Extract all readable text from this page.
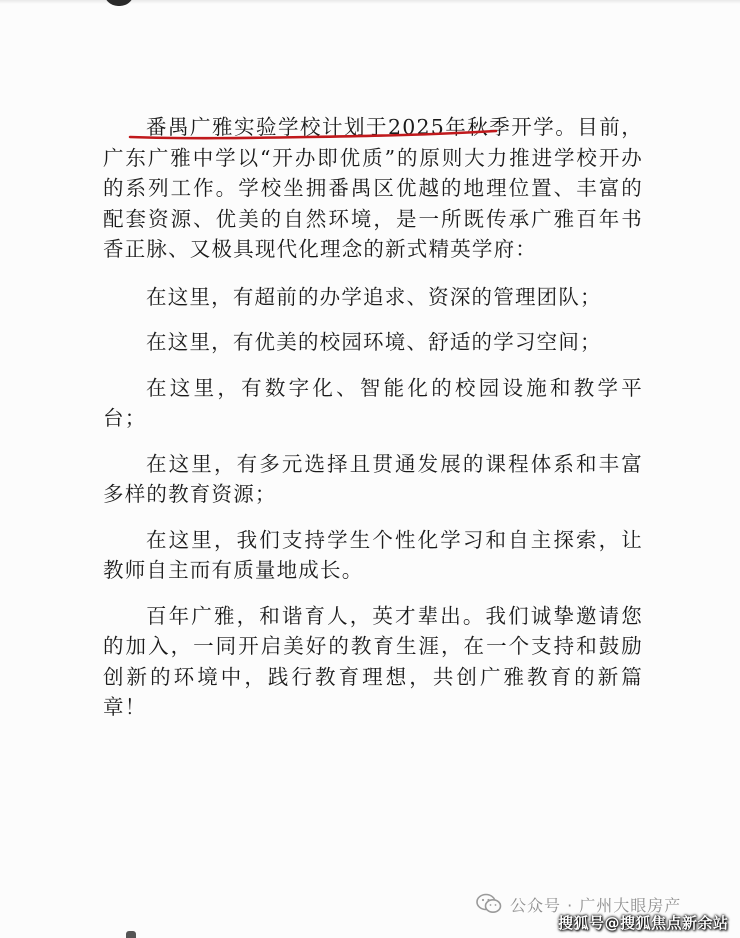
番禺广雅实验学校计划于2025年秋季开学。目前，广东广雅中学以“开办即优质”的原则大力推进学校开办的系列工作。学校坐拥番禺区优越的地理位置、丰富的配套资源、优美的自然环境，是一所既传承广雅百年书香正脉、又极具现代化理念的新式精英学府：

在这里，有超前的办学追求、资深的管理团队；

在这里，有优美的校园环境、舒适的学习空间；

在这里，有数字化、智能化的校园设施和教学平台；

在这里，有多元选择且贯通发展的课程体系和丰富多样的教育资源；

在这里，我们支持学生个性化学习和自主探索，让教师自主而有质量地成长。

百年广雅，和谐育人，英才辈出。我们诚挚邀请您的加入，一同开启美好的教育生涯，在一个支持和鼓励创新的环境中，践行教育理想，共创广雅教育的新篇章！

公众号 · 广州大眼房产
搜狐号@搜狐焦点新余站
